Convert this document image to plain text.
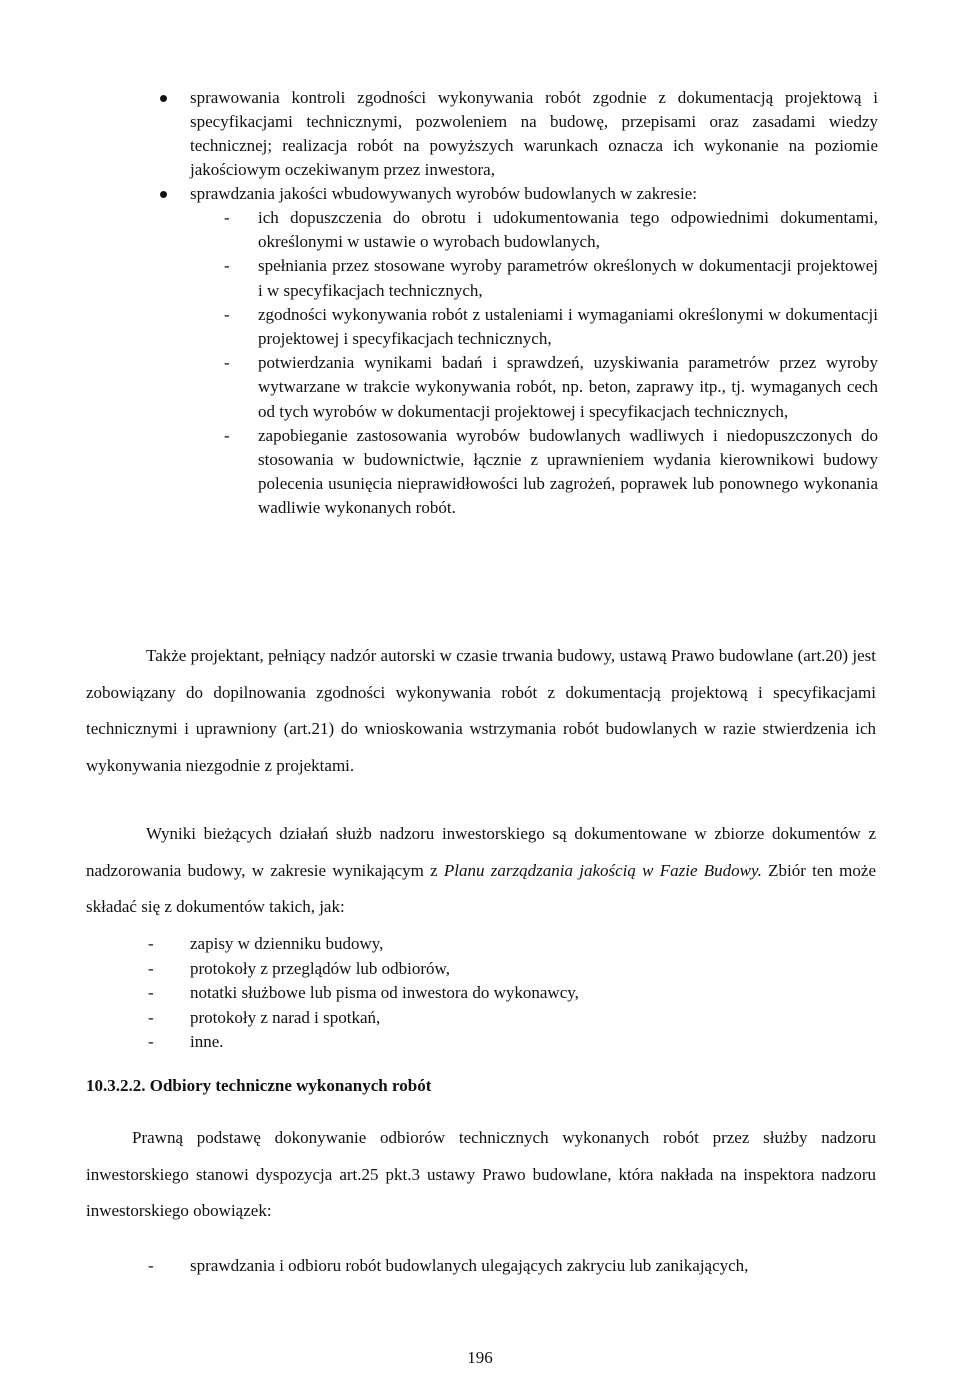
sprawowania kontroli zgodności wykonywania robót zgodnie z dokumentacją projektową i specyfikacjami technicznymi, pozwoleniem na budowę, przepisami oraz zasadami wiedzy technicznej; realizacja robót na powyższych warunkach oznacza ich wykonanie na poziomie jakościowym oczekiwanym przez inwestora,
sprawdzania jakości wbudowywanych wyrobów budowlanych w zakresie:
- ich dopuszczenia do obrotu i udokumentowania tego odpowiednimi dokumentami, określonymi w ustawie o wyrobach budowlanych,
- spełniania przez stosowane wyroby parametrów określonych w dokumentacji projektowej i w specyfikacjach technicznych,
- zgodności wykonywania robót z ustaleniami i wymaganiami określonymi w dokumentacji projektowej i specyfikacjach technicznych,
- potwierdzania wynikami badań i sprawdzeń, uzyskiwania parametrów przez wyroby wytwarzane w trakcie wykonywania robót, np. beton, zaprawy itp., tj. wymaganych cech od tych wyrobów w dokumentacji projektowej i specyfikacjach technicznych,
- zapobieganie zastosowania wyrobów budowlanych wadliwych i niedopuszczonych do stosowania w budownictwie, łącznie z uprawnieniem wydania kierownikowi budowy polecenia usunięcia nieprawidłowości lub zagrożeń, poprawek lub ponownego wykonania wadliwie wykonanych robót.
Także projektant, pełniący nadzór autorski w czasie trwania budowy, ustawą Prawo budowlane (art.20) jest zobowiązany do dopilnowania zgodności wykonywania robót z dokumentacją projektową i specyfikacjami technicznymi i uprawniony (art.21) do wnioskowania wstrzymania robót budowlanych w razie stwierdzenia ich wykonywania niezgodnie z projektami.
Wyniki bieżących działań służb nadzoru inwestorskiego są dokumentowane w zbiorze dokumentów z nadzorowania budowy, w zakresie wynikającym z Planu zarządzania jakością w Fazie Budowy. Zbiór ten może składać się z dokumentów takich, jak:
- zapisy w dzienniku budowy,
- protokoły z przeglądów lub odbiorów,
- notatki służbowe lub pisma od inwestora do wykonawcy,
- protokoły z narad i spotkań,
- inne.
10.3.2.2. Odbiory techniczne wykonanych robót
Prawną podstawę dokonywanie odbiorów technicznych wykonanych robót przez służby nadzoru inwestorskiego stanowi dyspozycja art.25 pkt.3 ustawy Prawo budowlane, która nakłada na inspektora nadzoru inwestorskiego obowiązek:
- sprawdzania i odbioru robót budowlanych ulegających zakryciu lub zanikających,
196
